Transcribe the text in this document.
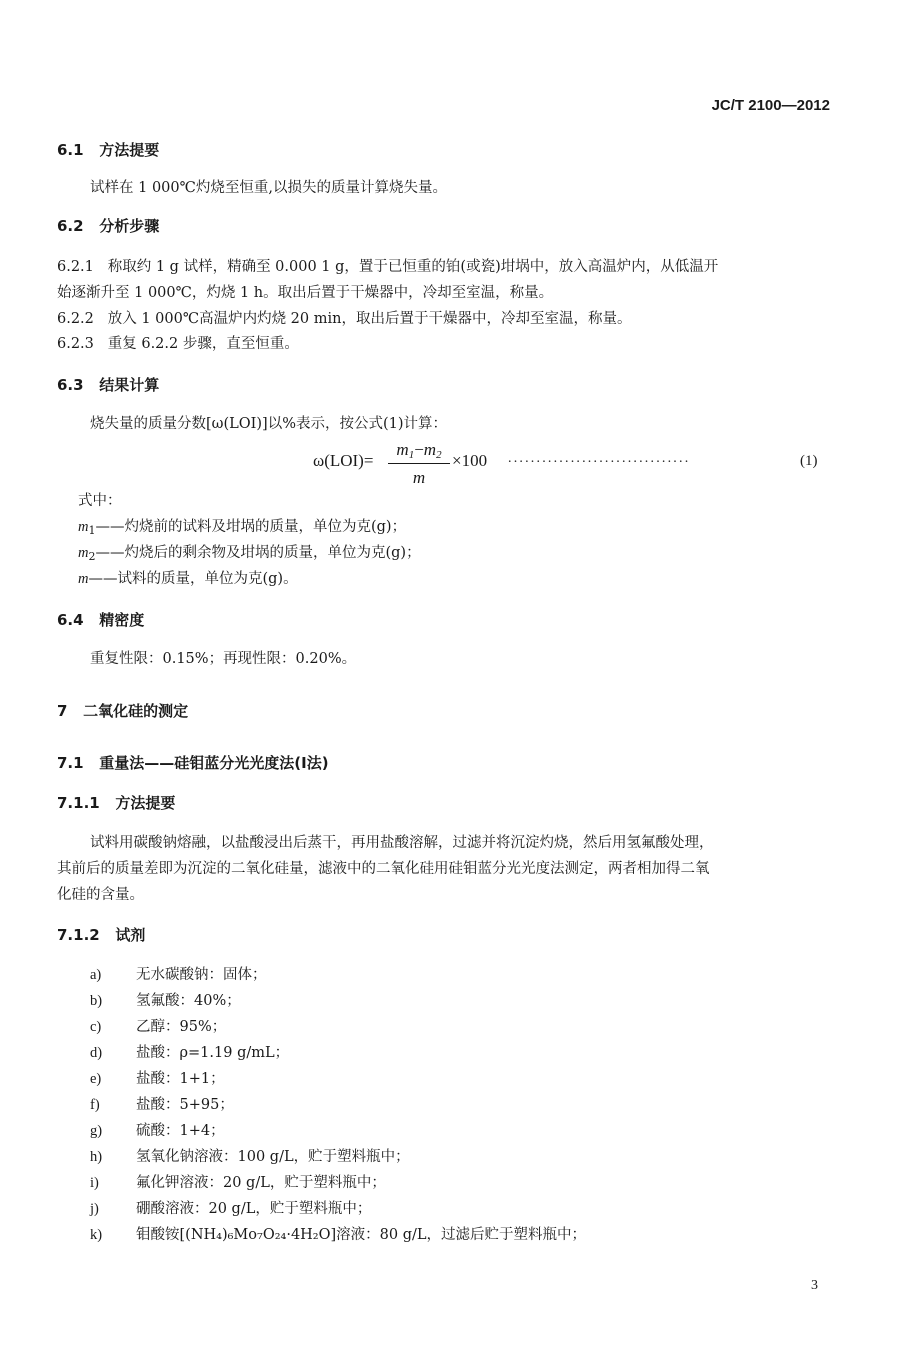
JC/T 2100—2012
6.1 方法提要
试样在 1 000℃灼烧至恒重,以损失的质量计算烧失量。
6.2 分析步骤
6.2.1 称取约 1 g 试样，精确至 0.000 1 g，置于已恒重的铂(或瓷)坩埚中，放入高温炉内，从低温开
始逐渐升至 1 000℃，灼烧 1 h。取出后置于干燥器中，冷却至室温，称量。
6.2.2 放入 1 000℃高温炉内灼烧 20 min，取出后置于干燥器中，冷却至室温，称量。
6.2.3 重复 6.2.2 步骤，直至恒重。
6.3 结果计算
烧失量的质量分数[ω(LOI)]以%表示，按公式(1)计算：
$\omega(LOI)= \frac{m_1-m_2}{m} \times 100$ ................................	(1)
式中：
$m_1——$灼烧前的试料及坩埚的质量，单位为克(g)；
$m_2——$灼烧后的剩余物及坩埚的质量，单位为克(g)；
m——试料的质量，单位为克(g)。
6.4 精密度
重复性限：0.15%；再现性限：0.20%。
7 二氧化硅的测定
7.1 重量法——硅钼蓝分光光度法(Ⅰ法)
7.1.1 方法提要
试料用碳酸钠熔融，以盐酸浸出后蒸干，再用盐酸溶解，过滤并将沉淀灼烧，然后用氢氟酸处理，
其前后的质量差即为沉淀的二氧化硅量，滤液中的二氧化硅用硅钼蓝分光光度法测定，两者相加得二氧
化硅的含量。
7.1.2 试剂
a) 无水碳酸钠：固体；
b) 氢氟酸：40%；
c) 乙醇：95%；
d) 盐酸：ρ=1.19 g/mL；
e) 盐酸：1+1；
f)	盐酸：5+95；
g) 硫酸：1+4；
h) 氢氧化钠溶液：100 g/L，贮于塑料瓶中；
i)	氟化钾溶液：20 g/L，贮于塑料瓶中；
j)	硼酸溶液：20 g/L，贮于塑料瓶中；
k) 钼酸铵[(NH₄)₆Mo₇O₂₄·4H₂O]溶液：80 g/L，过滤后贮于塑料瓶中；
3
